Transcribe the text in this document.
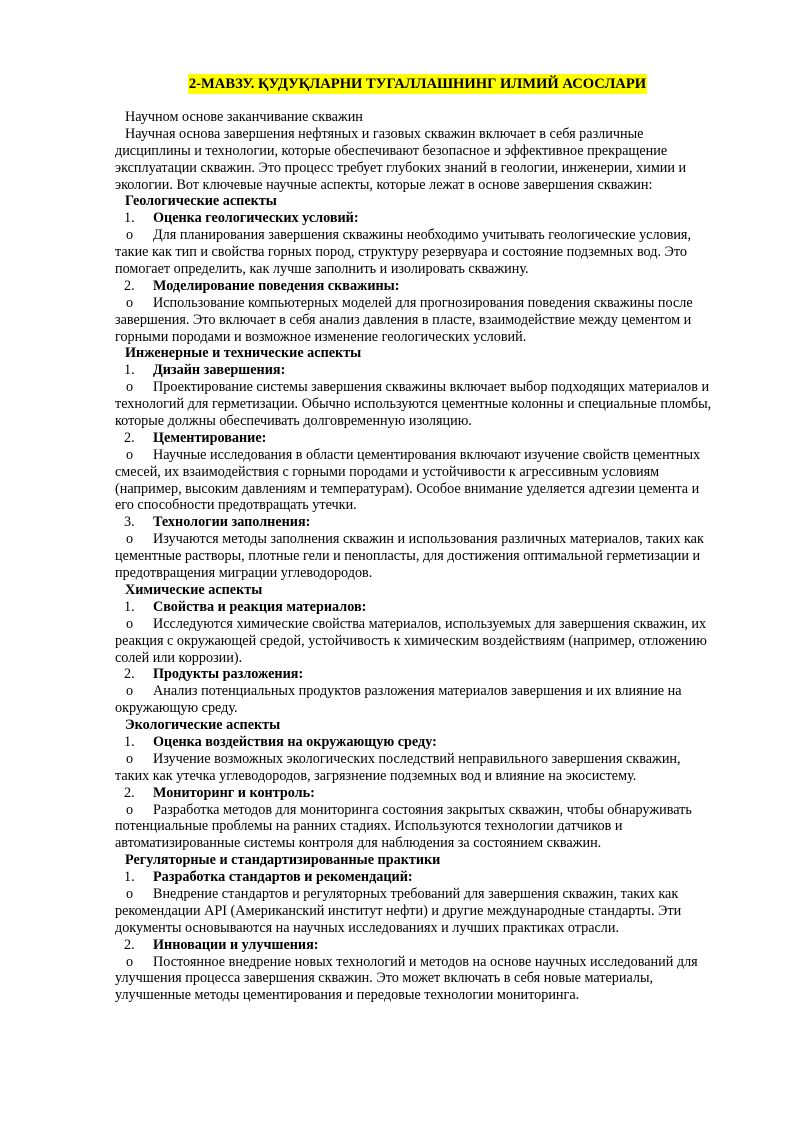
2-МАВЗУ. ҚУДУҚЛАРНИ ТУГАЛЛАШНИНГ ИЛМИЙ АСОСЛАРИ
Научном основе заканчивание скважин
Научная основа завершения нефтяных и газовых скважин включает в себя различные
дисциплины и технологии, которые обеспечивают безопасное и эффективное прекращение
эксплуатации скважин. Это процесс требует глубоких знаний в геологии, инженерии, химии и
экологии. Вот ключевые научные аспекты, которые лежат в основе завершения скважин:
Геологические аспекты
1. Оценка геологических условий:
o Для планирования завершения скважины необходимо учитывать геологические условия,
такие как тип и свойства горных пород, структуру резервуара и состояние подземных вод. Это
помогает определить, как лучше заполнить и изолировать скважину.
2. Моделирование поведения скважины:
o Использование компьютерных моделей для прогнозирования поведения скважины после
завершения. Это включает в себя анализ давления в пласте, взаимодействие между цементом и
горными породами и возможное изменение геологических условий.
Инженерные и технические аспекты
1. Дизайн завершения:
o Проектирование системы завершения скважины включает выбор подходящих материалов и
технологий для герметизации. Обычно используются цементные колонны и специальные пломбы,
которые должны обеспечивать долговременную изоляцию.
2. Цементирование:
o Научные исследования в области цементирования включают изучение свойств цементных
смесей, их взаимодействия с горными породами и устойчивости к агрессивным условиям
(например, высоким давлениям и температурам). Особое внимание уделяется адгезии цемента и
его способности предотвращать утечки.
3. Технологии заполнения:
o Изучаются методы заполнения скважин и использования различных материалов, таких как
цементные растворы, плотные гели и пенопласты, для достижения оптимальной герметизации и
предотвращения миграции углеводородов.
Химические аспекты
1. Свойства и реакция материалов:
o Исследуются химические свойства материалов, используемых для завершения скважин, их
реакция с окружающей средой, устойчивость к химическим воздействиям (например, отложению
солей или коррозии).
2. Продукты разложения:
o Анализ потенциальных продуктов разложения материалов завершения и их влияние на
окружающую среду.
Экологические аспекты
1. Оценка воздействия на окружающую среду:
o Изучение возможных экологических последствий неправильного завершения скважин,
таких как утечка углеводородов, загрязнение подземных вод и влияние на экосистему.
2. Мониторинг и контроль:
o Разработка методов для мониторинга состояния закрытых скважин, чтобы обнаруживать
потенциальные проблемы на ранних стадиях. Используются технологии датчиков и
автоматизированные системы контроля для наблюдения за состоянием скважин.
Регуляторные и стандартизированные практики
1. Разработка стандартов и рекомендаций:
o Внедрение стандартов и регуляторных требований для завершения скважин, таких как
рекомендации API (Американский институт нефти) и другие международные стандарты. Эти
документы основываются на научных исследованиях и лучших практиках отрасли.
2. Инновации и улучшения:
o Постоянное внедрение новых технологий и методов на основе научных исследований для
улучшения процесса завершения скважин. Это может включать в себя новые материалы,
улучшенные методы цементирования и передовые технологии мониторинга.
